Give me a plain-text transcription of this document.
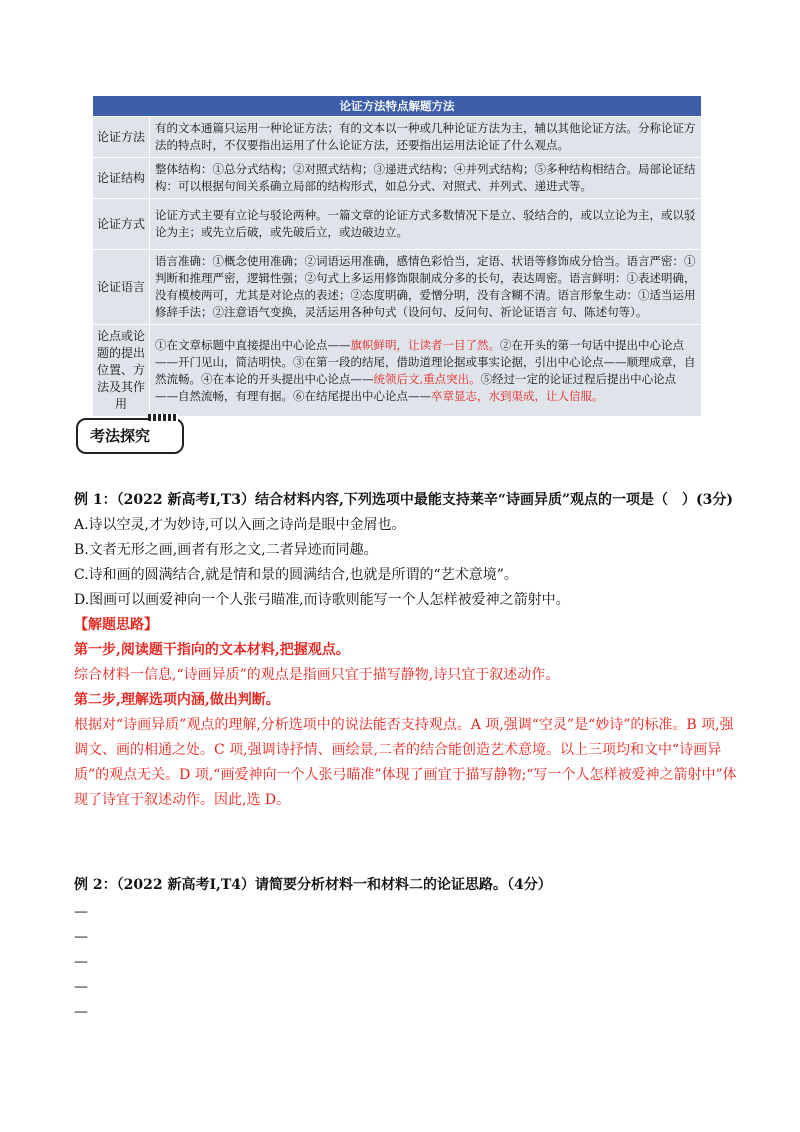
论证方法特点解题方法	
论证方法	有的文本通篇只运用一种论证方法；有的文本以一种或几种论证方法为主，辅以其他论证方法。分称论证方法的特点时，不仅要指出运用了什么论证方法，还要指出运用法论证了什么观点。
论证结构	整体结构：①总分式结构；②对照式结构；③递进式结构；④并列式结构；⑤多种结构相结合。局部论证结构：可以根据句间关系确立局部的结构形式，如总分式、对照式、并列式、递进式等。
论证方式	论证方式主要有立论与驳论两种。一篇文章的论证方式多数情况下是立、驳结合的，或以立论为主，或以驳论为主；或先立后破，或先破后立，或边破边立。
论证语言	语言准确：①概念使用准确；②词语运用准确，感情色彩恰当，定语、状语等修饰成分恰当。语言严密：①判断和推理严密，逻辑性强；②句式上多运用修饰限制成分多的长句，表达周密。语言鲜明：①表述明确，没有模棱两可，尤其是对论点的表述；②态度明确，爱憎分明，没有含糊不清。语言形象生动：①适当运用修辞手法；②注意语气变换，灵活运用各种句式（设问句、反问句、祈论证语言 句、陈述句等）。
论点或论题的提出位置、方法及其作用	①在文章标题中直接提出中心论点——旗帜鲜明，让读者一目了然。②在开头的第一句话中提出中心论点——开门见山，简洁明快。③在第一段的结尾，借助道理论据或事实论据，引出中心论点——顺理成章，自然流畅。④在本论的开头提出中心论点——统领后文,重点突出。⑤经过一定的论证过程后提出中心论点——自然流畅，有理有据。⑥在结尾提出中心论点——卒章显志，水到渠成，让人信服。
考法探究
例 1：（2022 新高考Ⅰ,T3）结合材料内容,下列选项中最能支持莱辛“诗画异质”观点的一项是（　）(3分)
A.诗以空灵,才为妙诗,可以入画之诗尚是眼中金屑也。
B.文者无形之画,画者有形之文,二者异迹而同趣。
C.诗和画的圆满结合,就是情和景的圆满结合,也就是所谓的“艺术意境”。
D.图画可以画爱神向一个人张弓瞄准,而诗歌则能写一个人怎样被爱神之箭射中。
【解题思路】
第一步,阅读题干指向的文本材料,把握观点。
综合材料一信息,“诗画异质”的观点是指画只宜于描写静物,诗只宜于叙述动作。
第二步,理解选项内涵,做出判断。
根据对“诗画异质”观点的理解,分析选项中的说法能否支持观点。A 项,强调“空灵”是“妙诗”的标准。B 项,强调文、画的相通之处。C 项,强调诗抒情、画绘景,二者的结合能创造艺术意境。以上三项均和文中“诗画异质”的观点无关。D 项,“画爱神向一个人张弓瞄准”体现了画宜于描写静物;“写一个人怎样被爱神之箭射中”体现了诗宜于叙述动作。因此,选 D。
例 2：（2022 新高考Ⅰ,T4）请简要分析材料一和材料二的论证思路。（4分）
—
—
—
—
—
